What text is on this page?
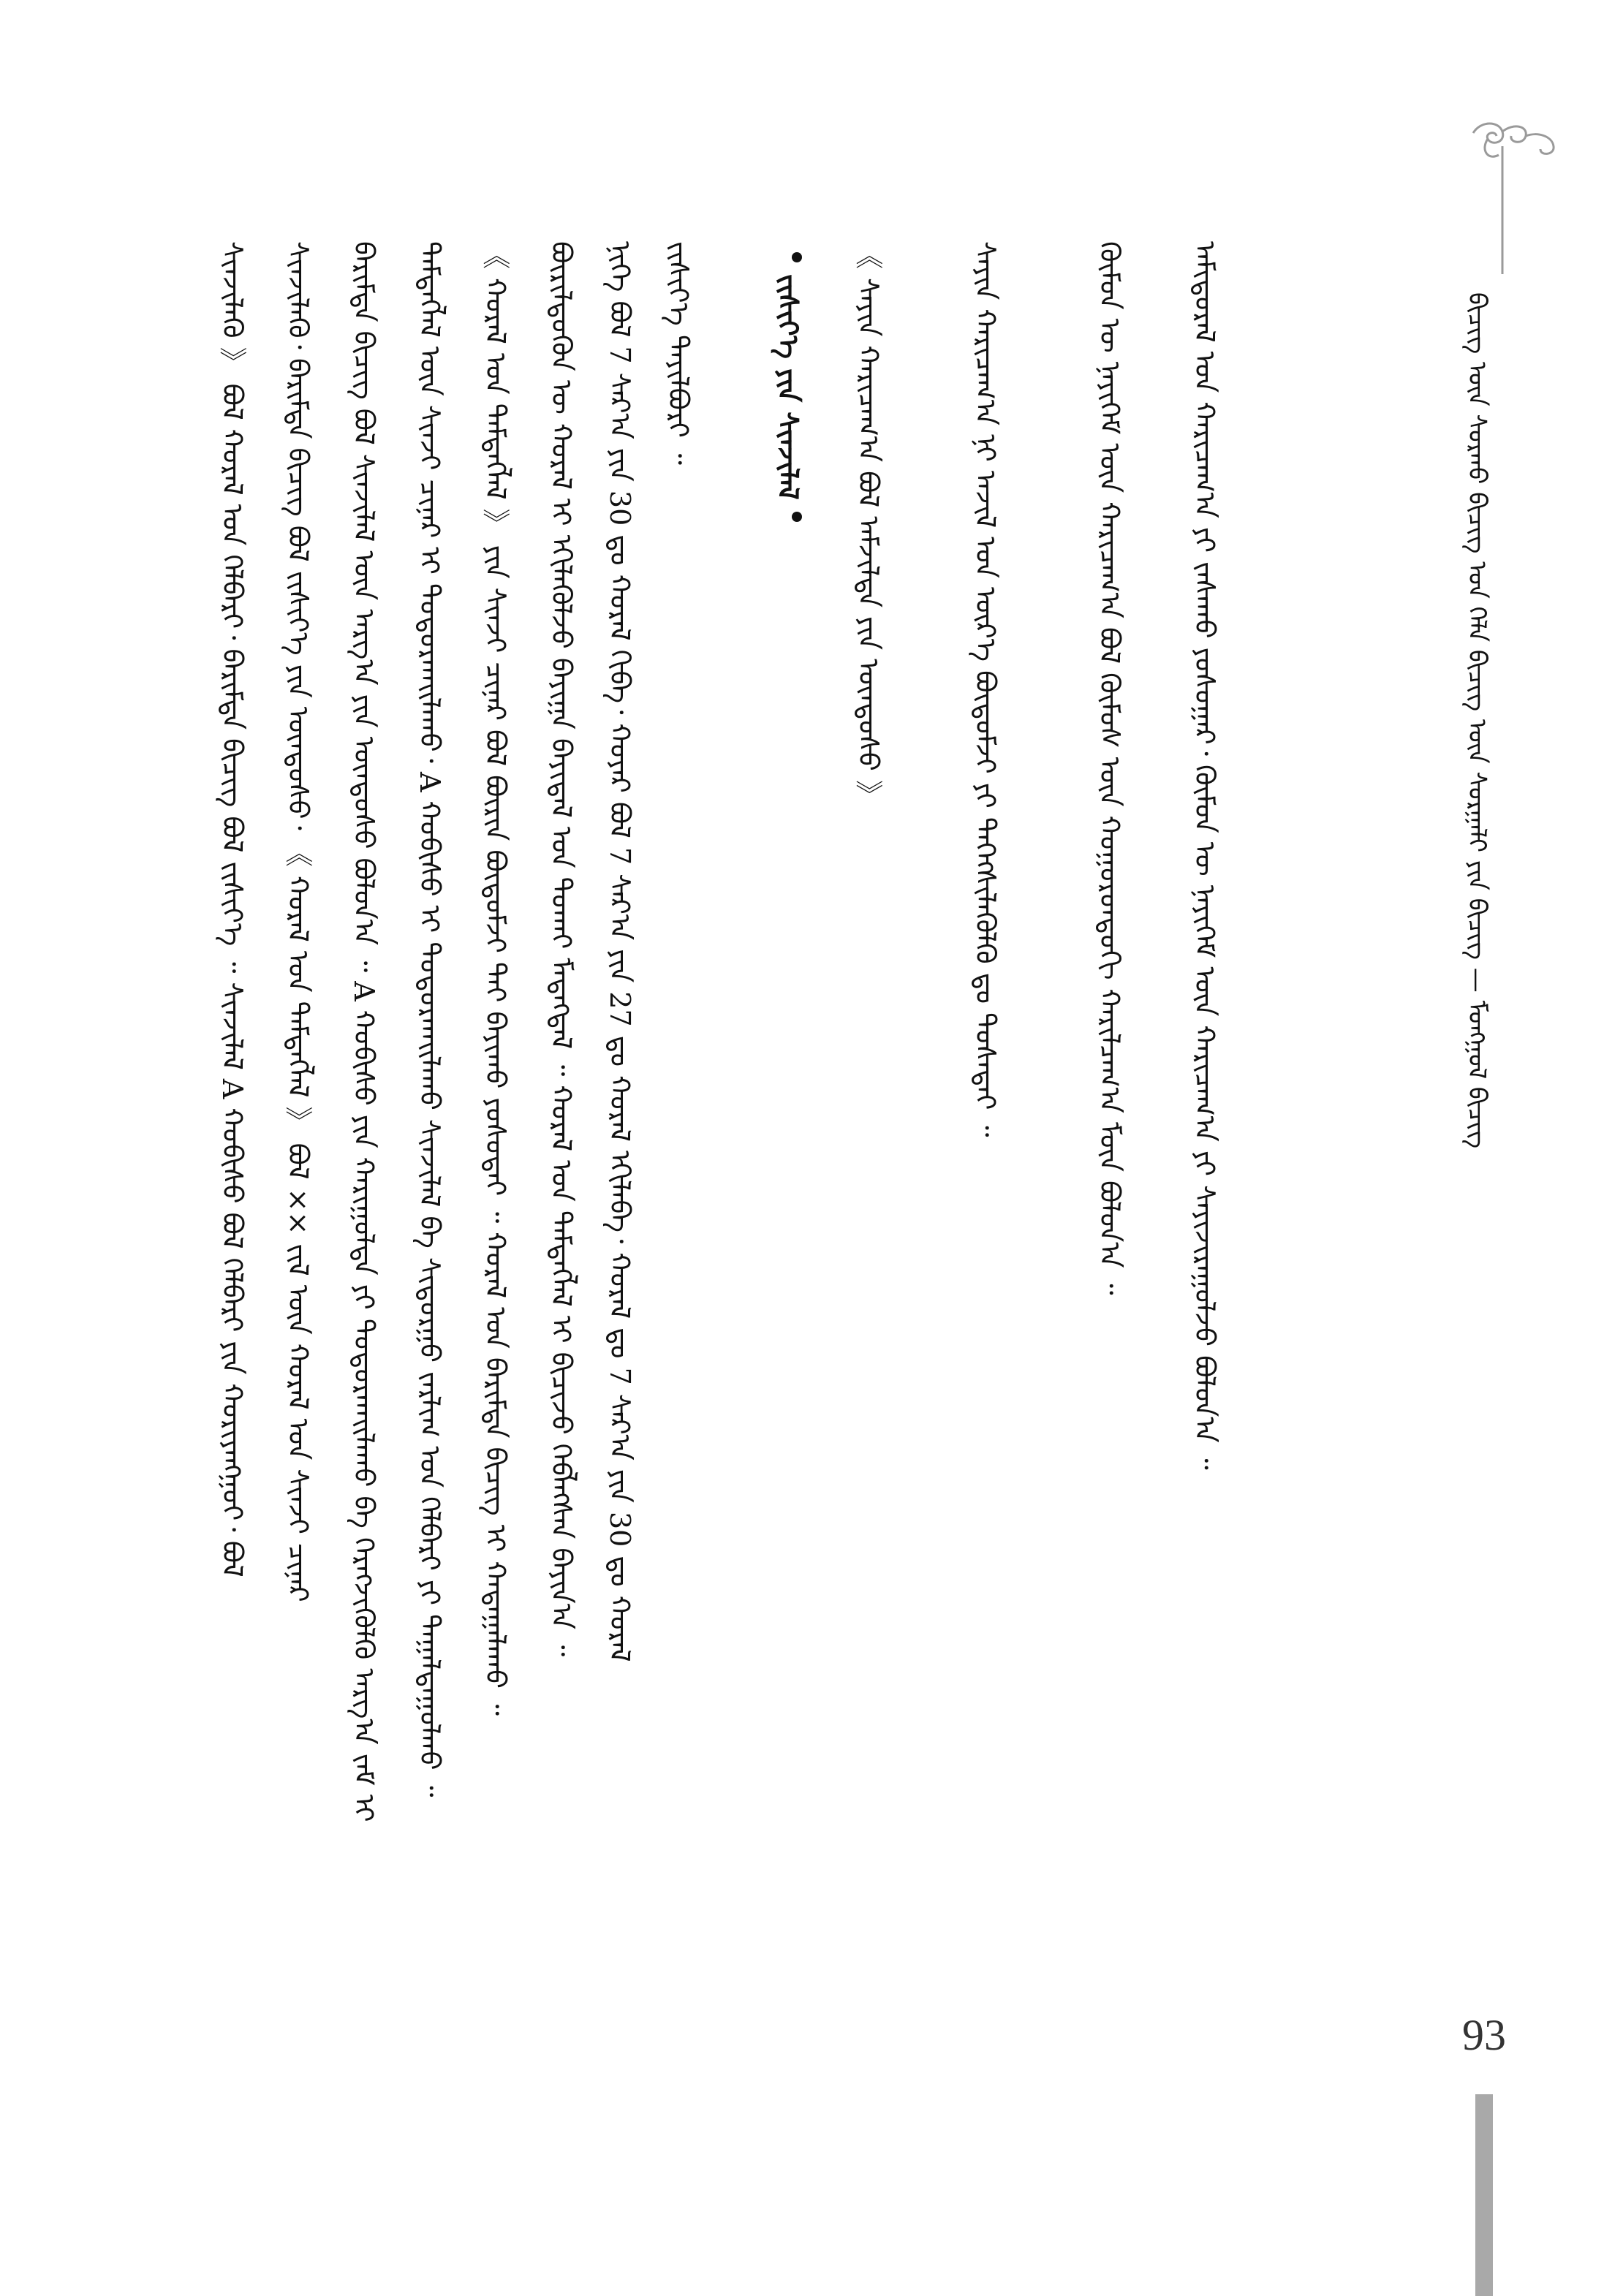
ᠪᠢᠴᠢᠭ ᠦᠨ ᠰᠤᠷᠬᠤ ᠪᠢᠴᠢᠭ ᠤᠨ ᠬᠡᠯᠡ ᠪᠢᠴᠢᠭ ᠦᠨ ᠰᠤᠷᠭᠠᠯᠢ ᠶᠢᠨ ᠪᠢᠴᠢᠭ᠌ — ᠮᠣᠩᠭᠣᠯ ᠪᠢᠴᠢᠭ
ᠠᠮᠢᠳᠤᠷᠠᠯ ᠤᠨ ᠬᠠᠷᠢᠴᠠᠭ᠎ᠠ ᠶᠢ ᠵᠠᠰᠠᠬᠤ ᠶᠤᠰᠤᠭᠠᠷ᠂ ᠬᠦᠮᠦᠨ ᠦ ᠨᠡᠶᠢᠭᠡᠮ ᠦᠨ ᠬᠠᠷᠢᠴᠠᠭ᠎ᠠ ᠶᠢ ᠰᠠᠶᠢᠵᠢᠷᠠᠭᠤᠯᠵᠤ ᠪᠣᠯᠤᠨ᠎ᠠ ᠃
ᠬᠦᠮᠦᠨ ᠦ ᠨᠡᠶᠢᠭᠡᠮ ᠦᠨ ᠬᠠᠷᠢᠴᠠᠭ᠎ᠠ ᠪᠣᠯ ᠬᠦᠮᠦᠰ ᠦᠨ ᠬᠣᠭᠣᠷᠣᠨᠳᠤᠬᠢ ᠬᠠᠷᠢᠯᠴᠠᠭ᠎ᠠ ᠮᠥᠨ ᠪᠣᠯᠤᠨ᠎ᠠ ᠃
ᠰᠠᠶᠢᠨ ᠬᠠᠷᠢᠴᠠᠭ᠎ᠠ ᠨᠢ ᠠᠵᠢᠯ ᠤᠨ ᠦᠷ᠎ᠡ ᠪᠦᠲᠦᠮᠵᠢ ᠶᠢ ᠳᠡᠭᠡᠭᠰᠢᠯᠡᠭᠦᠯᠬᠦ ᠳᠤ ᠲᠤᠰᠠᠲᠠᠢ ᠃
《 ᠰᠠᠶᠢᠨ ᠬᠠᠷᠢᠴᠠᠭ᠎ᠠ ᠪᠣᠯ ᠠᠮᠵᠢᠯᠲᠠ ᠶᠢᠨ ᠦᠨᠳᠦᠰᠦ 》
ᠵᠢᠱᠢᠶ᠎ᠡ ᠶᠢᠨ ᠰᠢᠨᠵᠢᠯᠡᠯ
ᠵᠢᠱᠢᠶ᠎ᠡ ᠲᠠᠶᠢᠯᠪᠤᠷᠢ ᠃
ᠨᠢᠭᠡ ᠪᠣᠯ 7 ᠰᠠᠷ᠎ᠠ ᠶᠢᠨ 30 ᠳᠤ ᠬᠤᠷᠠᠯ ᠬᠢᠪᠡ᠂ ᠬᠣᠶᠠᠷ ᠪᠣᠯ 7 ᠰᠠᠷ᠎ᠠ ᠶᠢᠨ 27 ᠳᠤ ᠬᠤᠷᠠᠯ ᠡᠬᠢᠯᠡᠪᠡ᠂ ᠬᠤᠷᠠᠯ ᠳᠤ 7 ᠰᠠᠷ᠎ᠠ ᠶᠢᠨ 30 ᠳᠤ ᠬᠤᠷᠠᠯ
ᠪᠦᠷᠢᠯᠳᠦᠬᠦᠨ ᠦ ᠬᠤᠷᠠᠯ ᠢ ᠡᠬᠢᠯᠡᠭᠦᠯᠵᠦ ᠪᠠᠶᠢᠭᠠ ᠪᠠᠶᠢᠳᠠᠯ ᠤᠨ ᠲᠤᠬᠠᠢ ᠮᠡᠳᠡᠭᠳᠡᠯ ᠃ ᠬᠤᠷᠠᠯ ᠤᠨ ᠲᠡᠮᠳᠡᠭᠯᠡᠯ ᠢ ᠪᠢᠴᠢᠵᠦ ᠬᠡᠪᠯᠡᠭᠰᠡᠨ ᠪᠠᠶᠢᠨ᠎ᠠ ᠃
《 ᠬᠤᠷᠠᠯ ᠤᠨ ᠲᠡᠮᠳᠡᠭᠯᠡᠯ 》 ᠶᠢᠨ ᠰᠢᠨᠵᠢ ᠴᠢᠨᠠᠷ ᠪᠣᠯ ᠪᠦᠷᠢᠨ ᠪᠦᠲᠦᠮᠵᠢ ᠲᠠᠢ ᠪᠠᠶᠢᠬᠤ ᠶᠤᠰᠤᠲᠠᠢ ᠃ ᠬᠤᠷᠠᠯ ᠤᠨ ᠪᠠᠷᠢᠮᠲᠠ ᠪᠢᠴᠢᠭ ᠢ ᠬᠠᠳᠠᠭᠠᠯᠠᠬᠤ ᠃
ᠲᠡᠮᠳᠡᠭᠯᠡᠯ ᠦᠨ ᠰᠢᠨᠵᠢ ᠴᠢᠨᠠᠷ ᠢ ᠲᠣᠳᠣᠷᠬᠠᠢᠯᠠᠬᠤ᠂ A ᠬᠤᠪᠢᠰᠤ ᠢ ᠲᠣᠳᠣᠷᠬᠠᠢᠯᠠᠬᠤ ᠰᠢᠨᠵᠢᠯᠡᠯ ᠪᠠ ᠰᠢᠳᠤᠷᠭᠤ ᠵᠠᠷᠯᠢᠭ ᠤᠨ ᠬᠡᠯᠪᠡᠷᠢ ᠶᠢ ᠳᠠᠭᠠᠯᠳᠠᠭᠤᠯᠬᠤ ᠃
ᠪᠠᠷᠢᠮᠲᠠ ᠪᠢᠴᠢᠭ ᠪᠣᠯ ᠰᠢᠨᠵᠢᠯᠡᠯ ᠦᠨ ᠠᠷᠭ᠎ᠠ ᠶᠢᠨ ᠦᠨᠳᠦᠰᠦ ᠪᠣᠯᠤᠨ᠎ᠠ ᠃ A ᠬᠤᠪᠢᠰᠤ ᠶᠢᠨ ᠬᠠᠷᠢᠭᠤᠯᠲᠠ ᠶᠢ ᠲᠣᠳᠣᠷᠬᠠᠢᠯᠠᠬᠤ ᠪᠠ ᠬᠡᠷᠡᠭᠵᠢᠭᠦᠯᠬᠦ ᠠᠷᠭ᠎ᠠ ᠵᠠᠮ ᠢ
ᠰᠢᠨᠵᠢᠯᠡᠬᠦ᠂ ᠪᠠᠷᠢᠮᠲᠠ ᠪᠢᠴᠢᠭ ᠪᠣᠯ ᠵᠢᠱᠢᠶ᠎ᠡ ᠶᠢᠨ ᠦᠨᠳᠦᠰᠦ᠂ 《 ᠬᠤᠷᠠᠯ ᠤᠨ ᠲᠡᠮᠳᠡᠭᠯᠡᠯ 》 ᠪᠣᠯ ×× ᠵᠢᠯ ᠦᠨ ᠬᠤᠷᠠᠯ ᠤᠨ ᠰᠢᠨᠵᠢ ᠴᠢᠨᠠᠷ
ᠰᠢᠨᠵᠢᠯᠡᠬᠦ 》 ᠪᠣᠯ ᠬᠤᠷᠠᠯ ᠤᠨ ᠬᠡᠯᠪᠡᠷᠢ᠂ ᠪᠠᠷᠢᠮᠲᠠ ᠪᠢᠴᠢᠭ ᠪᠣᠯ ᠵᠢᠱᠢᠶ᠎ᠡ ᠃ ᠰᠢᠨᠵᠢᠯᠡᠯ A ᠬᠤᠪᠢᠰᠤ ᠪᠣᠯ ᠬᠡᠯᠪᠡᠷᠢ ᠶᠢᠨ ᠬᠤᠷᠢᠶᠠᠩᠭᠤᠢ᠂ ᠪᠣᠯ
93
